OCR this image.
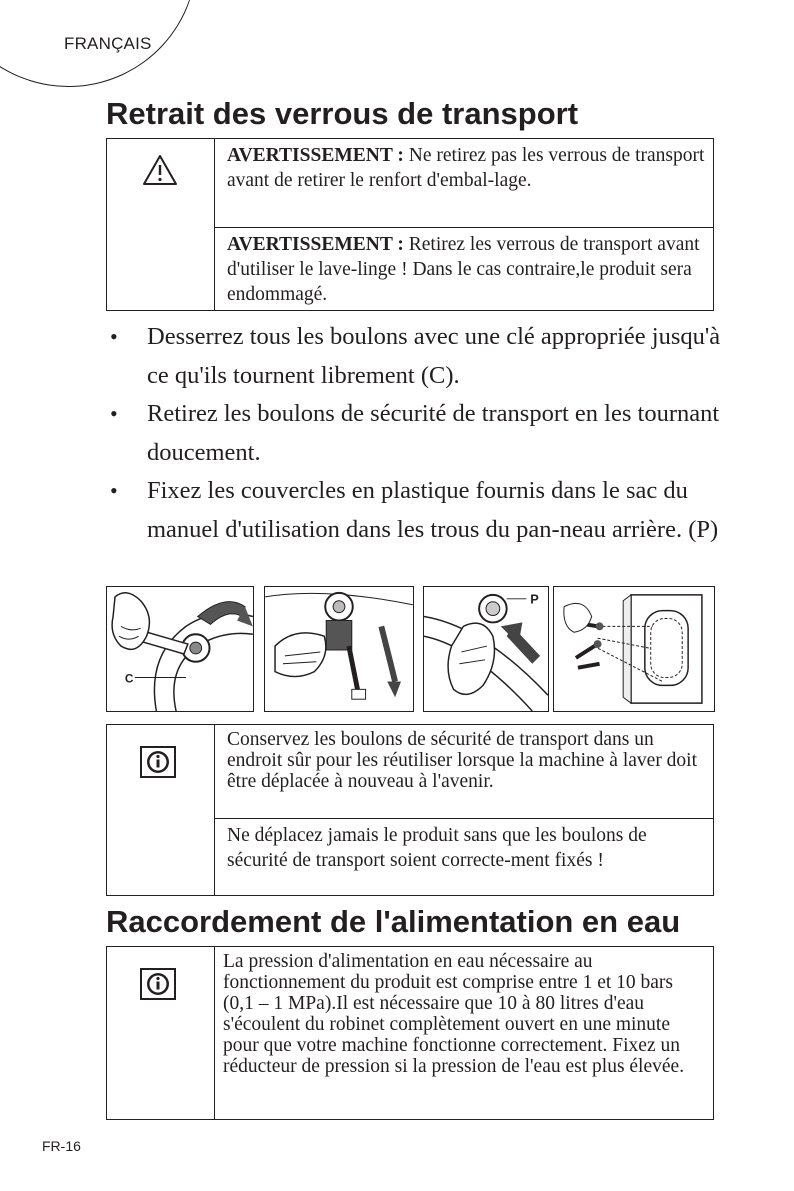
FRANÇAIS
Retrait des verrous de transport
AVERTISSEMENT : Ne retirez pas les verrous de transport avant de retirer le renfort d'embal-lage.
AVERTISSEMENT : Retirez les verrous de transport avant d'utiliser le lave-linge ! Dans le cas contraire,le produit sera endommagé.
• Desserrez tous les boulons avec une clé appropriée jusqu'à ce qu'ils tournent librement (C).
• Retirez les boulons de sécurité de transport en les tournant doucement.
• Fixez les couvercles en plastique fournis dans le sac du manuel d'utilisation dans les trous du pan-neau arrière. (P)
C
P
Conservez les boulons de sécurité de transport dans un endroit sûr pour les réutiliser lorsque la machine à laver doit être déplacée à nouveau à l'avenir.
Ne déplacez jamais le produit sans que les boulons de sécurité de transport soient correcte-ment fixés !
Raccordement de l'alimentation en eau
La pression d'alimentation en eau nécessaire au fonctionnement du produit est comprise entre 1 et 10 bars (0,1 – 1 MPa).Il est nécessaire que 10 à 80 litres d'eau s'écoulent du robinet complètement ouvert en une minute pour que votre machine fonctionne correctement. Fixez un réducteur de pression si la pression de l'eau est plus élevée.
FR-16
